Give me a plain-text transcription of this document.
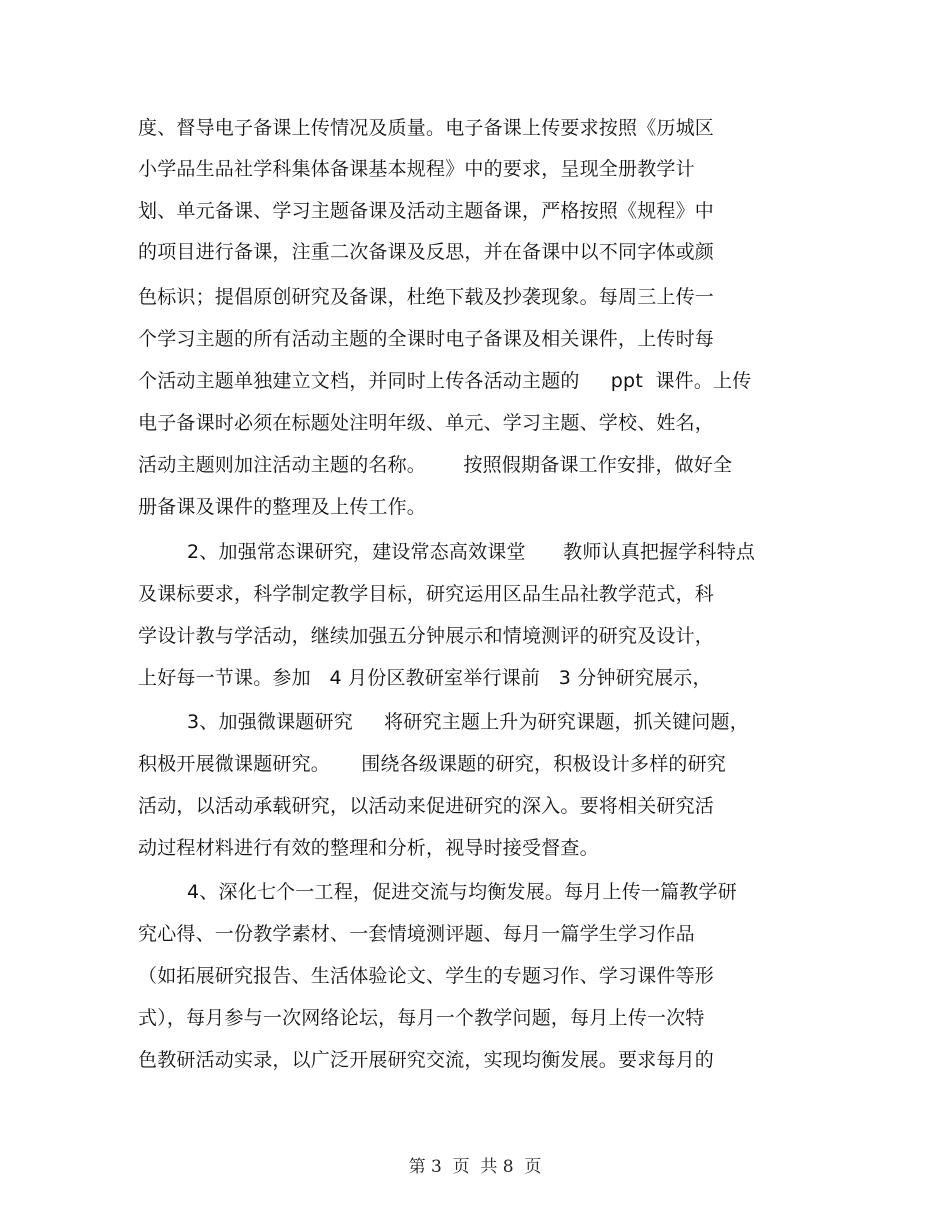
度、督导电子备课上传情况及质量。电子备课上传要求按照《历城区
小学品生品社学科集体备课基本规程》中的要求，呈现全册教学计
划、单元备课、学习主题备课及活动主题备课，严格按照《规程》中
的项目进行备课，注重二次备课及反思，并在备课中以不同字体或颜
色标识；提倡原创研究及备课，杜绝下载及抄袭现象。每周三上传一
个学习主题的所有活动主题的全课时电子备课及相关课件，上传时每
个活动主题单独建立文档，并同时上传各活动主题的     ppt  课件。上传
电子备课时必须在标题处注明年级、单元、学习主题、学校、姓名，
活动主题则加注活动主题的名称。      按照假期备课工作安排，做好全
册备课及课件的整理及上传工作。
2、加强常态课研究，建设常态高效课堂      教师认真把握学科特点
及课标要求，科学制定教学目标，研究运用区品生品社教学范式，科
学设计教与学活动，继续加强五分钟展示和情境测评的研究及设计，
上好每一节课。参加   4 月份区教研室举行课前   3 分钟研究展示，
3、加强微课题研究     将研究主题上升为研究课题，抓关键问题，
积极开展微课题研究。     围绕各级课题的研究，积极设计多样的研究
活动，以活动承载研究，以活动来促进研究的深入。要将相关研究活
动过程材料进行有效的整理和分析，视导时接受督查。
4、深化七个一工程，促进交流与均衡发展。每月上传一篇教学研
究心得、一份教学素材、一套情境测评题、每月一篇学生学习作品
（如拓展研究报告、生活体验论文、学生的专题习作、学习课件等形
式），每月参与一次网络论坛，每月一个教学问题，每月上传一次特
色教研活动实录，以广泛开展研究交流，实现均衡发展。要求每月的
第 3  页  共 8  页
